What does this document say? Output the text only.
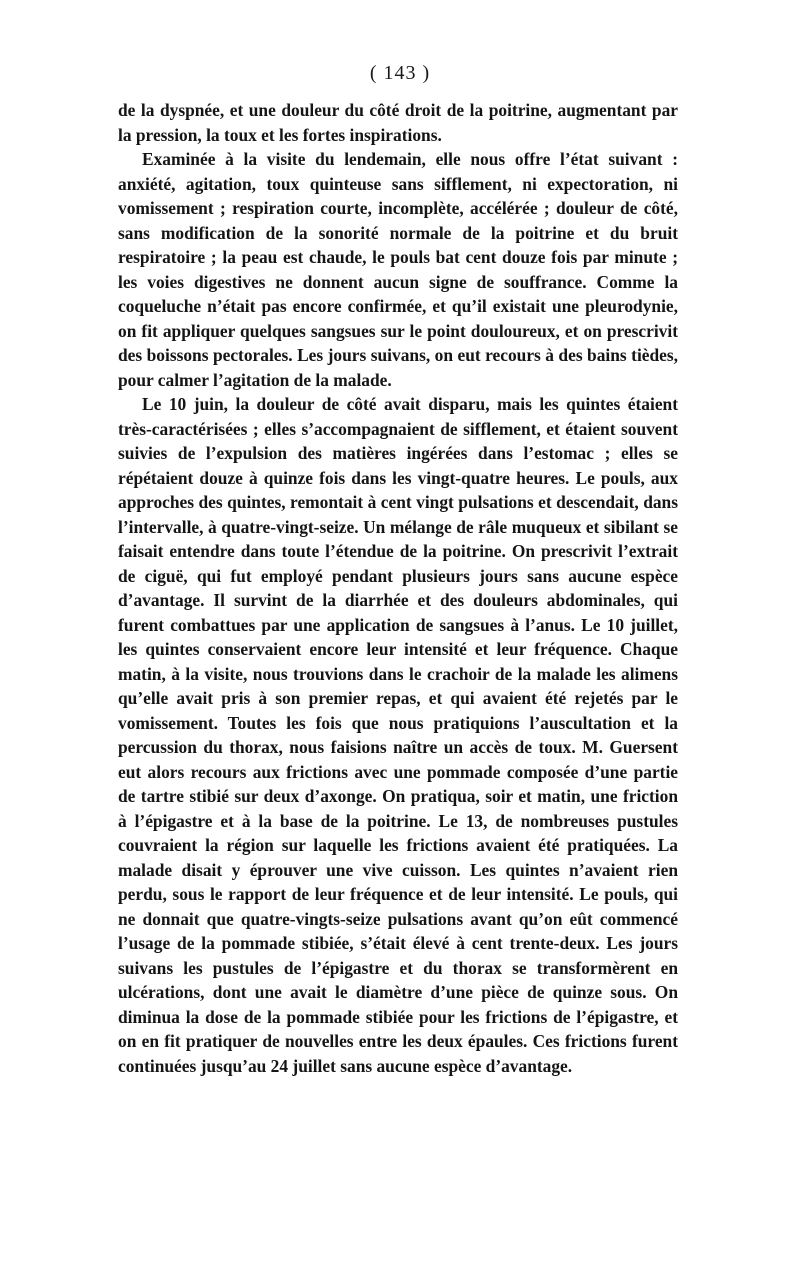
( 143 )

de la dyspnée, et une douleur du côté droit de la poitrine, augmentant par la pression, la toux et les fortes inspirations.

Examinée à la visite du lendemain, elle nous offre l’état suivant : anxiété, agitation, toux quinteuse sans sifflement, ni expectoration, ni vomissement ; respiration courte, incomplète, accélérée ; douleur de côté, sans modification de la sonorité normale de la poitrine et du bruit respiratoire ; la peau est chaude, le pouls bat cent douze fois par minute ; les voies digestives ne donnent aucun signe de souffrance. Comme la coqueluche n’était pas encore confirmée, et qu’il existait une pleurodynie, on fit appliquer quelques sangsues sur le point douloureux, et on prescrivit des boissons pectorales. Les jours suivans, on eut recours à des bains tièdes, pour calmer l’agitation de la malade.

Le 10 juin, la douleur de côté avait disparu, mais les quintes étaient très-caractérisées ; elles s’accompagnaient de sifflement, et étaient souvent suivies de l’expulsion des matières ingérées dans l’estomac ; elles se répétaient douze à quinze fois dans les vingt-quatre heures. Le pouls, aux approches des quintes, remontait à cent vingt pulsations et descendait, dans l’intervalle, à quatre-vingt-seize. Un mélange de râle muqueux et sibilant se faisait entendre dans toute l’étendue de la poitrine. On prescrivit l’extrait de ciguë, qui fut employé pendant plusieurs jours sans aucune espèce d’avantage. Il survint de la diarrhée et des douleurs abdominales, qui furent combattues par une application de sangsues à l’anus. Le 10 juillet, les quintes conservaient encore leur intensité et leur fréquence. Chaque matin, à la visite, nous trouvions dans le crachoir de la malade les alimens qu’elle avait pris à son premier repas, et qui avaient été rejetés par le vomissement. Toutes les fois que nous pratiquions l’auscultation et la percussion du thorax, nous faisions naître un accès de toux. M. Guersent eut alors recours aux frictions avec une pommade composée d’une partie de tartre stibié sur deux d’axonge. On pratiqua, soir et matin, une friction à l’épigastre et à la base de la poitrine. Le 13, de nombreuses pustules couvraient la région sur laquelle les frictions avaient été pratiquées. La malade disait y éprouver une vive cuisson. Les quintes n’avaient rien perdu, sous le rapport de leur fréquence et de leur intensité. Le pouls, qui ne donnait que quatre-vingts-seize pulsations avant qu’on eût commencé l’usage de la pommade stibiée, s’était élevé à cent trente-deux. Les jours suivans les pustules de l’épigastre et du thorax se transformèrent en ulcérations, dont une avait le diamètre d’une pièce de quinze sous. On diminua la dose de la pommade stibiée pour les frictions de l’épigastre, et on en fit pratiquer de nouvelles entre les deux épaules. Ces frictions furent continuées jusqu’au 24 juillet sans aucune espèce d’avantage.
